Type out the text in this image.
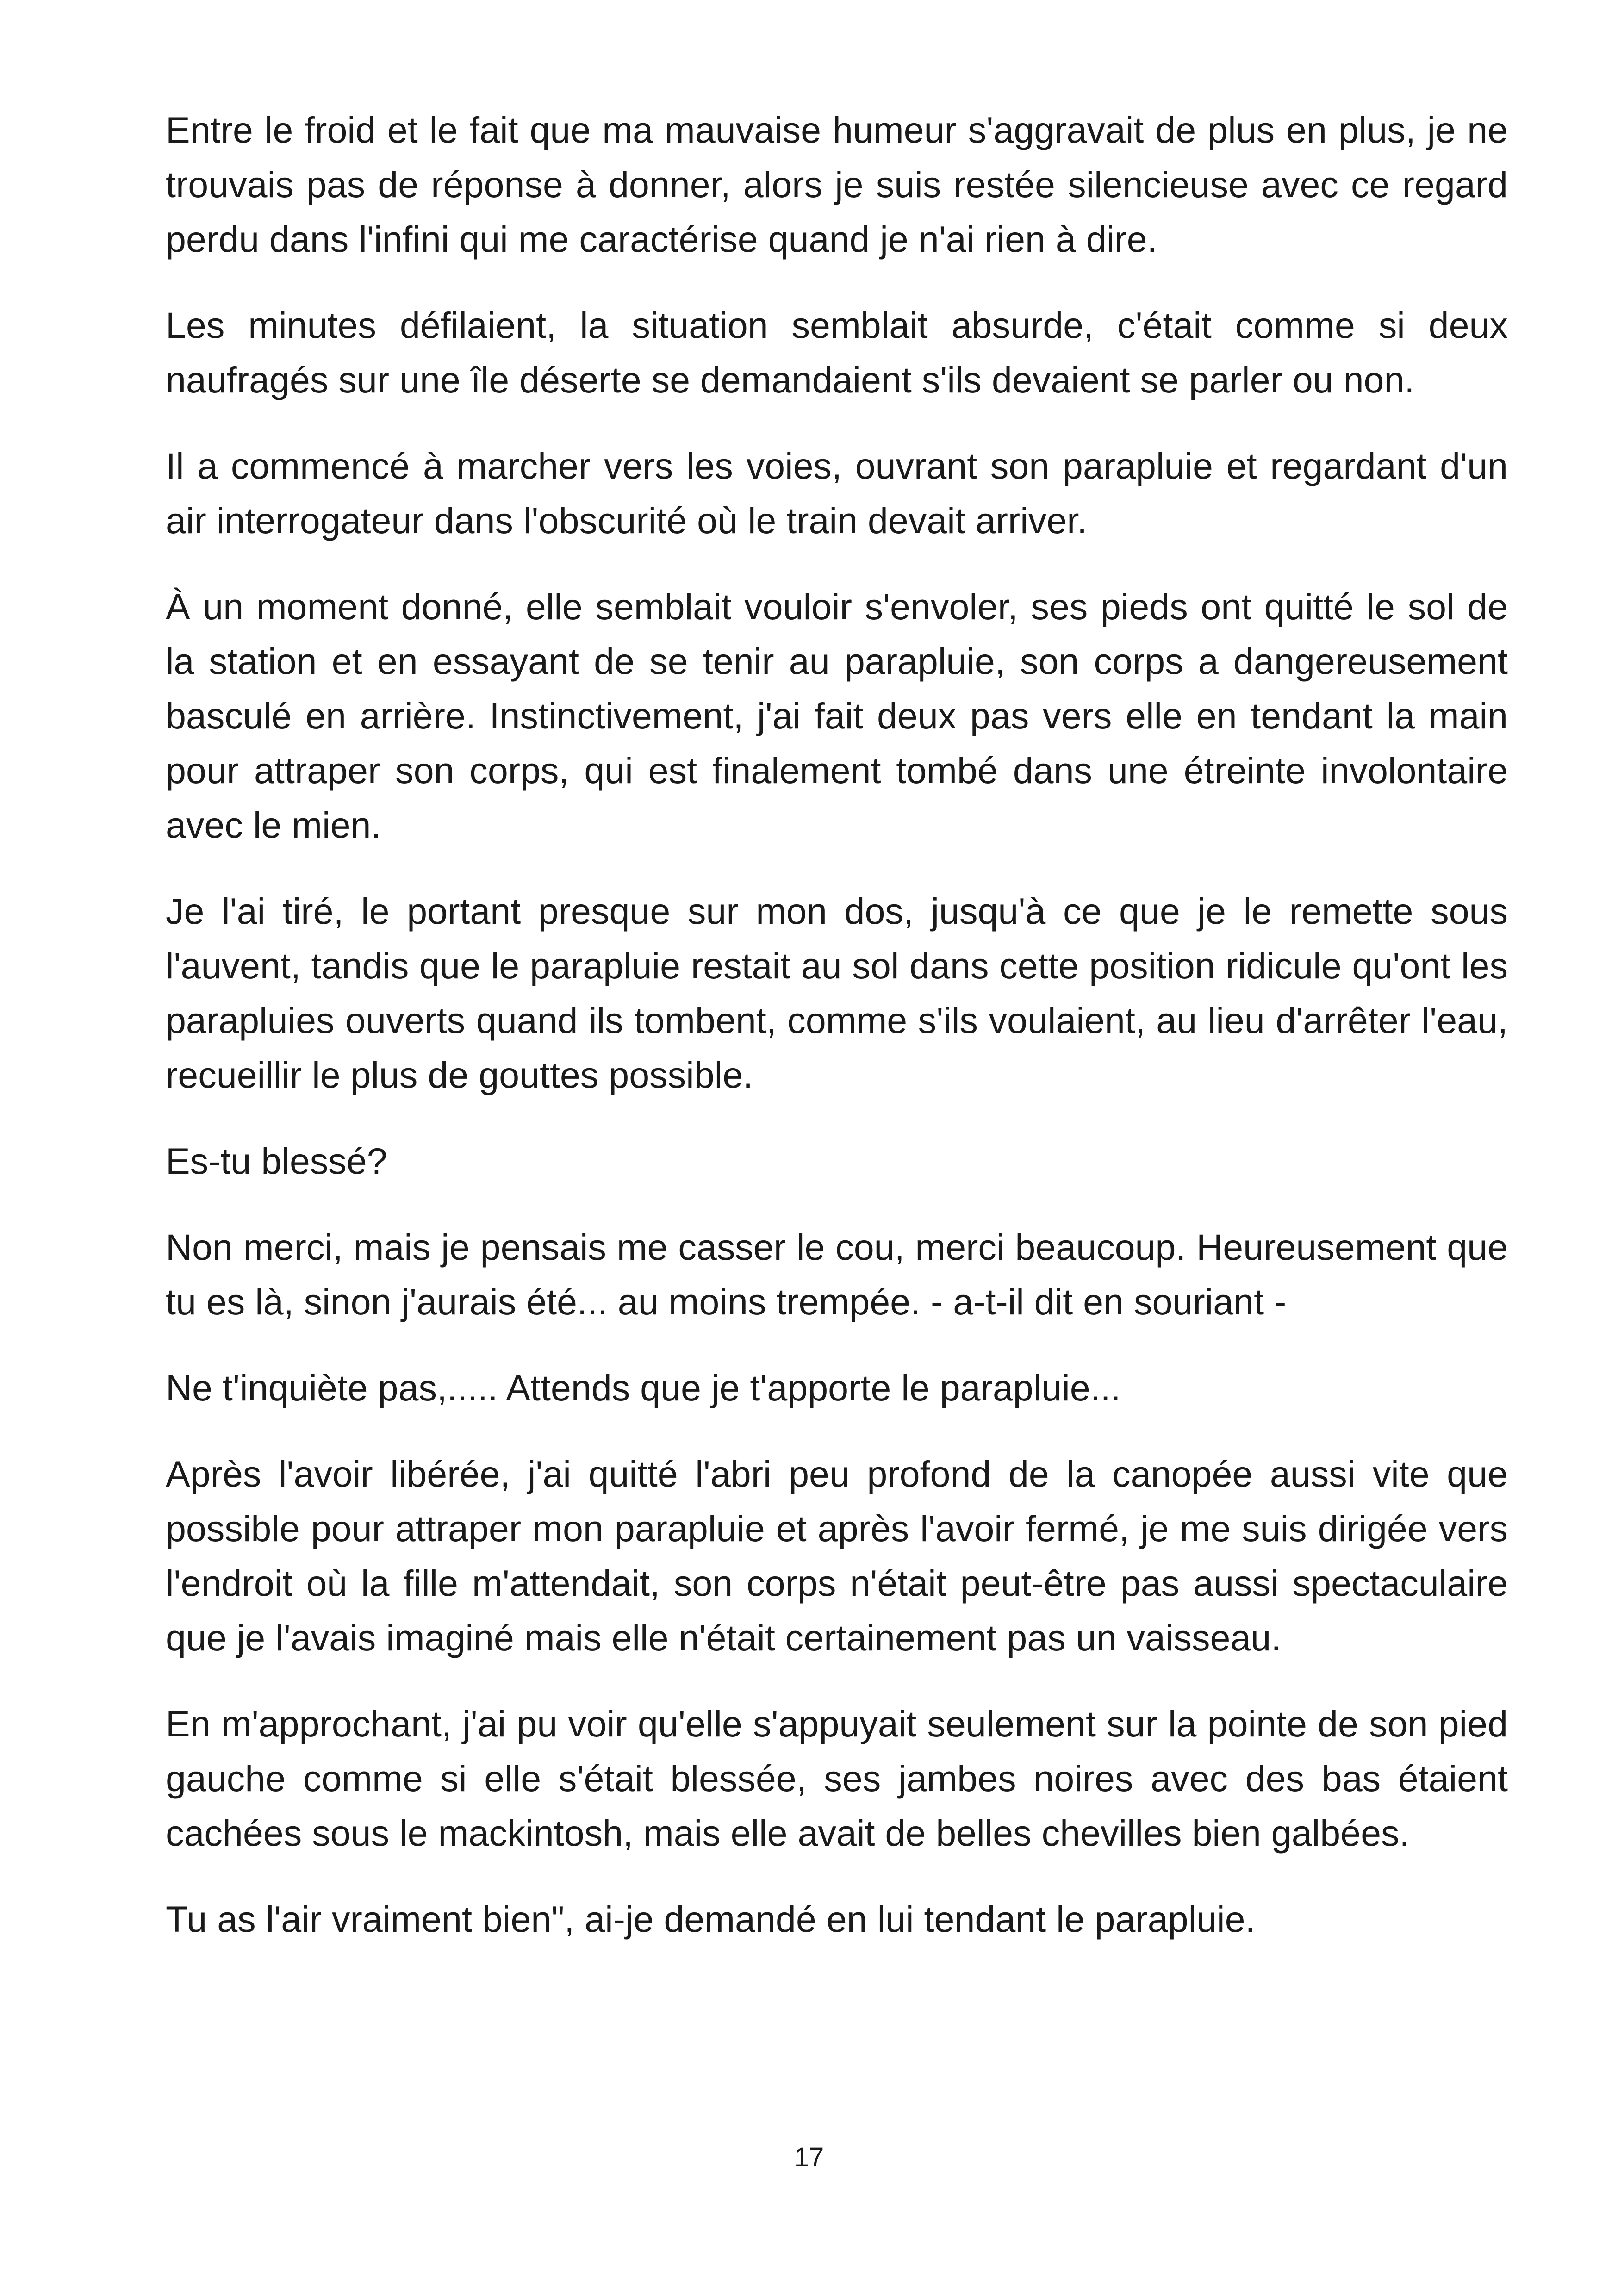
Entre le froid et le fait que ma mauvaise humeur s'aggravait de plus en plus, je ne trouvais pas de réponse à donner, alors je suis restée silencieuse avec ce regard perdu dans l'infini qui me caractérise quand je n'ai rien à dire.

Les minutes défilaient, la situation semblait absurde, c'était comme si deux naufragés sur une île déserte se demandaient s'ils devaient se parler ou non.

Il a commencé à marcher vers les voies, ouvrant son parapluie et regardant d'un air interrogateur dans l'obscurité où le train devait arriver.

À un moment donné, elle semblait vouloir s'envoler, ses pieds ont quitté le sol de la station et en essayant de se tenir au parapluie, son corps a dangereusement basculé en arrière. Instinctivement, j'ai fait deux pas vers elle en tendant la main pour attraper son corps, qui est finalement tombé dans une étreinte involontaire avec le mien.

Je l'ai tiré, le portant presque sur mon dos, jusqu'à ce que je le remette sous l'auvent, tandis que le parapluie restait au sol dans cette position ridicule qu'ont les parapluies ouverts quand ils tombent, comme s'ils voulaient, au lieu d'arrêter l'eau, recueillir le plus de gouttes possible.

Es-tu blessé?

Non merci, mais je pensais me casser le cou, merci beaucoup. Heureusement que tu es là, sinon j'aurais été... au moins trempée. - a-t-il dit en souriant -

Ne t'inquiète pas,..... Attends que je t'apporte le parapluie...

Après l'avoir libérée, j'ai quitté l'abri peu profond de la canopée aussi vite que possible pour attraper mon parapluie et après l'avoir fermé, je me suis dirigée vers l'endroit où la fille m'attendait, son corps n'était peut-être pas aussi spectaculaire que je l'avais imaginé mais elle n'était certainement pas un vaisseau.

En m'approchant, j'ai pu voir qu'elle s'appuyait seulement sur la pointe de son pied gauche comme si elle s'était blessée, ses jambes noires avec des bas étaient cachées sous le mackintosh, mais elle avait de belles chevilles bien galbées.

Tu as l'air vraiment bien", ai-je demandé en lui tendant le parapluie.

17
